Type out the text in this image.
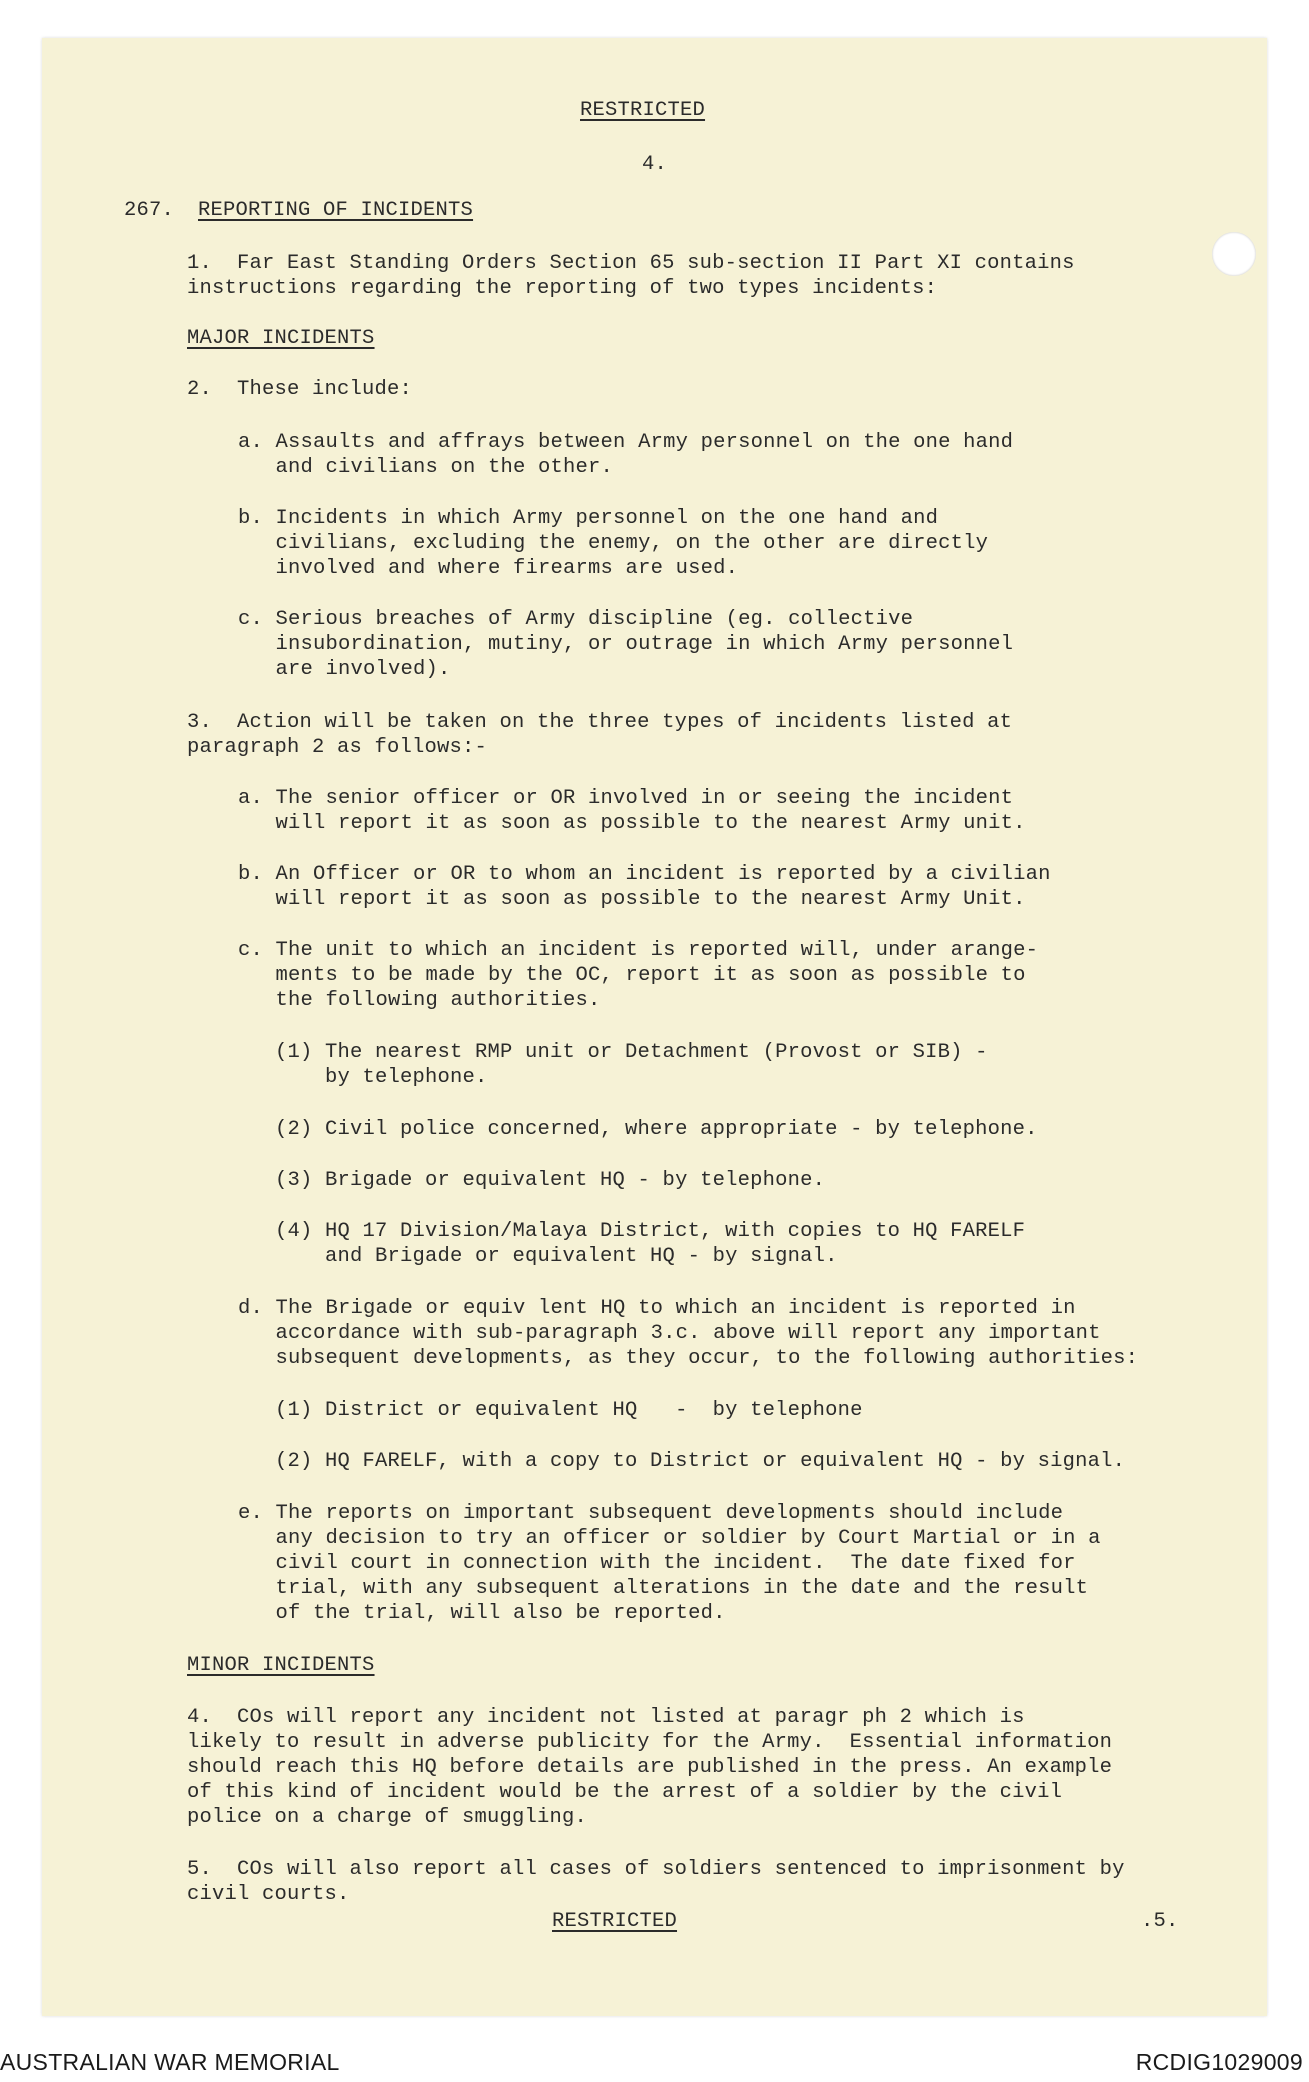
RESTRICTED
4.
267. REPORTING OF INCIDENTS
1.  Far East Standing Orders Section 65 sub-section II Part XI contains
instructions regarding the reporting of two types incidents:
MAJOR INCIDENTS
2.  These include:
a. Assaults and affrays between Army personnel on the one hand
and civilians on the other.
b. Incidents in which Army personnel on the one hand and
civilians, excluding the enemy, on the other are directly
involved and where firearms are used.
c. Serious breaches of Army discipline (eg. collective
insubordination, mutiny, or outrage in which Army personnel
are involved).
3.  Action will be taken on the three types of incidents listed at
paragraph 2 as follows:-
a. The senior officer or OR involved in or seeing the incident
will report it as soon as possible to the nearest Army unit.
b. An Officer or OR to whom an incident is reported by a civilian
will report it as soon as possible to the nearest Army Unit.
c. The unit to which an incident is reported will, under arange-
ments to be made by the OC, report it as soon as possible to
the following authorities.
(1) The nearest RMP unit or Detachment (Provost or SIB) -
by telephone.
(2) Civil police concerned, where appropriate - by telephone.
(3) Brigade or equivalent HQ - by telephone.
(4) HQ 17 Division/Malaya District, with copies to HQ FARELF
and Brigade or equivalent HQ - by signal.
d. The Brigade or equiv lent HQ to which an incident is reported in
accordance with sub-paragraph 3.c. above will report any important
subsequent developments, as they occur, to the following authorities:
(1) District or equivalent HQ   -  by telephone
(2) HQ FARELF, with a copy to District or equivalent HQ - by signal.
e. The reports on important subsequent developments should include
any decision to try an officer or soldier by Court Martial or in a
civil court in connection with the incident.  The date fixed for
trial, with any subsequent alterations in the date and the result
of the trial, will also be reported.
MINOR INCIDENTS
4.  COs will report any incident not listed at paragr ph 2 which is
likely to result in adverse publicity for the Army.  Essential information
should reach this HQ before details are published in the press. An example
of this kind of incident would be the arrest of a soldier by the civil
police on a charge of smuggling.
5.  COs will also report all cases of soldiers sentenced to imprisonment by
civil courts.
RESTRICTED	.5.
AUSTRALIAN WAR MEMORIAL	RCDIG1029009
